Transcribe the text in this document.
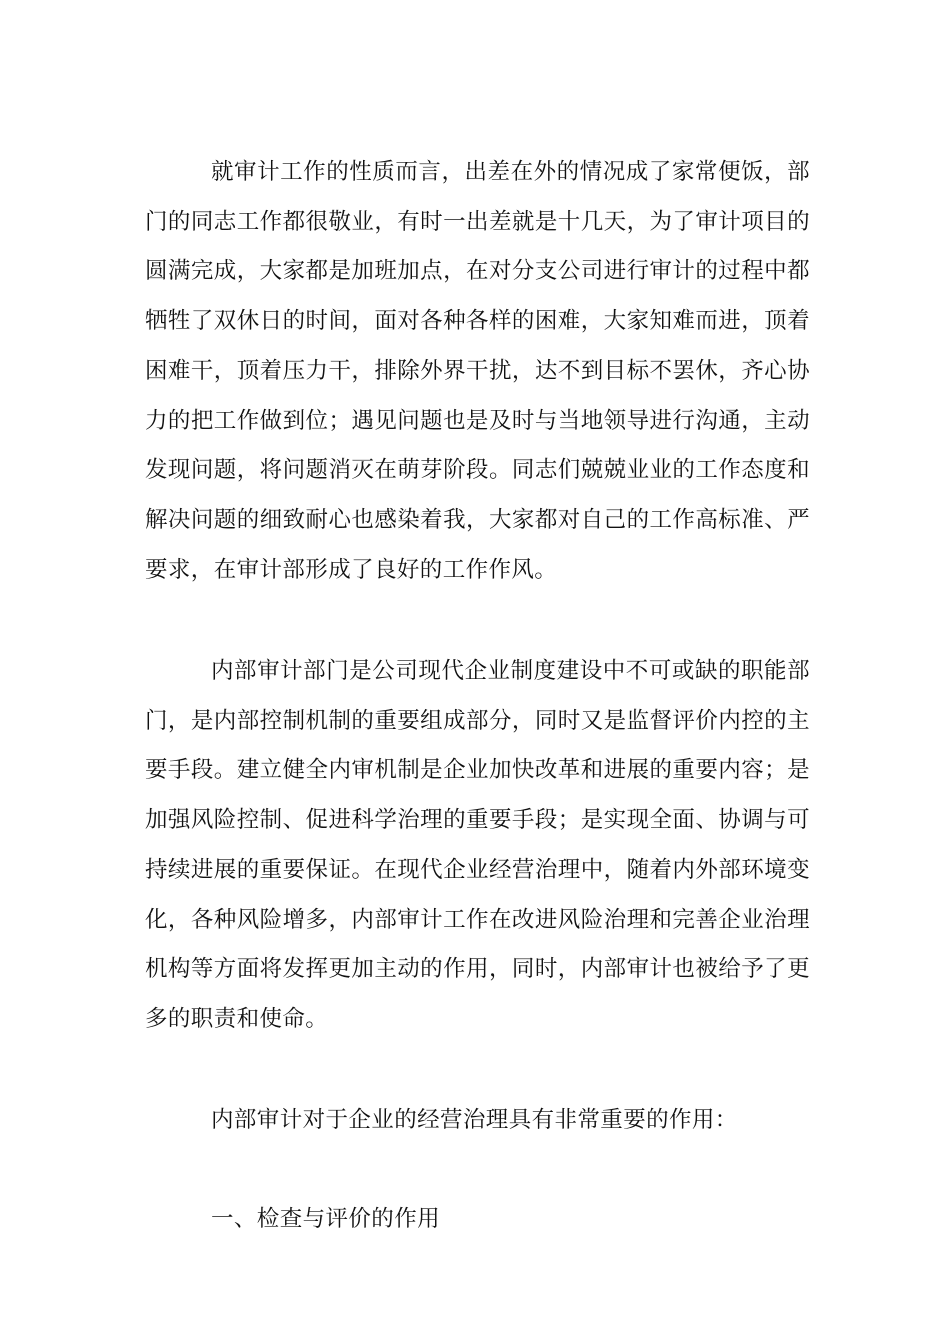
就审计工作的性质而言，出差在外的情况成了家常便饭，部门的同志工作都很敬业，有时一出差就是十几天，为了审计项目的圆满完成，大家都是加班加点，在对分支公司进行审计的过程中都牺牲了双休日的时间，面对各种各样的困难，大家知难而进，顶着困难干，顶着压力干，排除外界干扰，达不到目标不罢休，齐心协力的把工作做到位；遇见问题也是及时与当地领导进行沟通，主动发现问题，将问题消灭在萌芽阶段。同志们兢兢业业的工作态度和解决问题的细致耐心也感染着我，大家都对自己的工作高标准、严要求，在审计部形成了良好的工作作风。

内部审计部门是公司现代企业制度建设中不可或缺的职能部门，是内部控制机制的重要组成部分，同时又是监督评价内控的主要手段。建立健全内审机制是企业加快改革和进展的重要内容；是加强风险控制、促进科学治理的重要手段；是实现全面、协调与可持续进展的重要保证。在现代企业经营治理中，随着内外部环境变化，各种风险增多，内部审计工作在改进风险治理和完善企业治理机构等方面将发挥更加主动的作用，同时，内部审计也被给予了更多的职责和使命。

内部审计对于企业的经营治理具有非常重要的作用：

一、检查与评价的作用
